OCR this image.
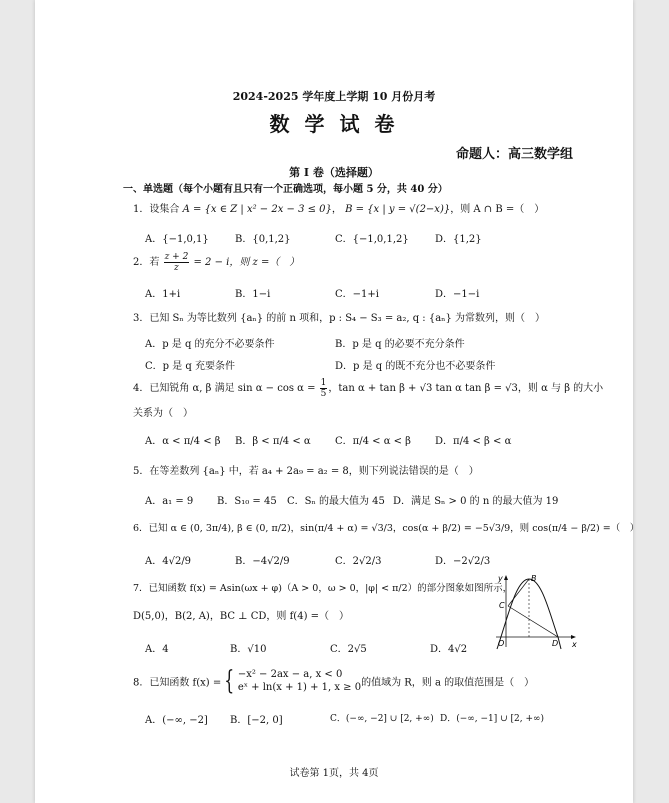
2024-2025 学年度上学期 10 月份月考
数 学 试 卷
命题人：高三数学组
第 I 卷（选择题）
一、单选题（每个小题有且只有一个正确选项，每小题 5 分，共 40 分）
1．设集合 A = {x ∈ Z | x² − 2x − 3 ≤ 0}， B = {x | y = √(2−x)}，则 A ∩ B =（　）
A．{−1,0,1}	B．{0,1,2}	C．{−1,0,1,2}	D．{1,2}
2．若 $\frac{z + 2}{z} = 2 - i$，则 z =（　）
A．1+i	B．1−i	C．−1+i	D．−1−i
3．已知 Sₙ 为等比数列 {aₙ} 的前 n 项和，p : S₄ − S₃ = a₂, q : {aₙ} 为常数列，则（　）
A．p 是 q 的充分不必要条件	B．p 是 q 的必要不充分条件
C．p 是 q 充要条件	D．p 是 q 的既不充分也不必要条件
4．已知锐角 α, β 满足 $\sin \alpha - \cos \alpha = \frac{1}{5}$ ，tan α + tan β + √3 tan α tan β = √3，则 α 与 β 的大小
关系为（　）
A．α < π/4 < β B．β < π/4 < α C．π/4 < α < β D．π/4 < β < α
5．在等差数列 {aₙ} 中，若 a₄ + 2a₉ = a₂ = 8，则下列说法错误的是（　）
A．a₁ = 9 B．S₁₀ = 45 C．Sₙ 的最大值为 45 D．满足 Sₙ > 0 的 n 的最大值为 19
6．已知 α ∈ (0, 3π/4), β ∈ (0, π/2)，sin(π/4 + α) = √3/3，cos(α + β/2) = −5√3/9，则 cos(π/4 − β/2) =（　）
A．4√2/9	B．−4√2/9	C．2√2/3	D．−2√2/3
7．已知函数 f(x) = Asin(ωx + φ)（A > 0，ω > 0，|φ| < π/2）的部分图象如图所示，
D(5,0)，B(2, A)，BC ⊥ CD，则 f(4) =（　）
A．4	B．√10	C．2√5	D．4√2
y
x
O
B
C
D
8．已知函数 f(x) = { −x² − 2ax − a, x < 0
eˣ + ln(x + 1) + 1, x ≥ 0 的值域为 R，则 a 的取值范围是（　）
A．(−∞, −2] B．[−2, 0]	C．(−∞, −2] ∪ [2, +∞) D．(−∞, −1] ∪ [2, +∞)
试卷第 1页，共 4页
